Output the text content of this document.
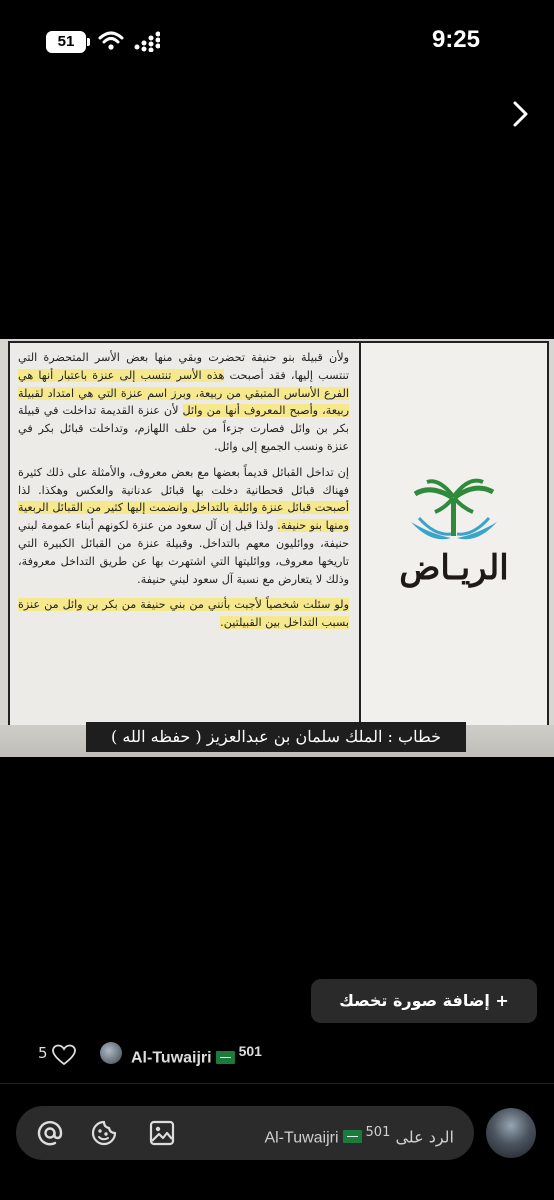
51	9:25

ولأن قبيلة بنو حنيفة تحضرت وبقي منها بعض الأسر المتحضرة التي تنتسب إليها، فقد أصبحت هذه الأسر تنتسب إلى عنزة باعتبار أنها هي الفرع الأساس المتبقي من ربيعة، وبرز اسم عنزة التي هي امتداد لقبيلة ربيعة، وأصبح المعروف أنها من وائل لأن عنزة القديمة تداخلت في قبيلة بكر بن وائل فصارت جزءاً من حلف اللهازم، وتداخلت قبائل بكر في عنزة ونسب الجميع إلى وائل.

إن تداخل القبائل قديماً بعضها مع بعض معروف، والأمثلة على ذلك كثيرة فهناك قبائل قحطانية دخلت بها قبائل عدنانية والعكس وهكذا. لذا أصبحت قبائل عنزة وائلية بالتداخل وانضمت إليها كثير من القبائل الربعية ومنها بنو حنيفة. ولذا قيل إن آل سعود من عنزة لكونهم أبناء عمومة لبني حنيفة، ووائليون معهم بالتداخل. وقبيلة عنزة من القبائل الكبيرة التي تاريخها معروف، ووائليتها التي اشتهرت بها عن طريق التداخل معروفة، وذلك لا يتعارض مع نسبة آل سعود لبني حنيفة.

ولو سئلت شخصياً لأجبت بأنني من بني حنيفة من بكر بن وائل من عنزة بسبب التداخل بين القبيلتين.

الريـاض
خطاب : الملك سلمان بن عبدالعزيز ( حفظه الله )
+ إضافة صورة تخصك
5	Al-Tuwaijri 501
الرد على $^{501}$Al-Tuwaijri
